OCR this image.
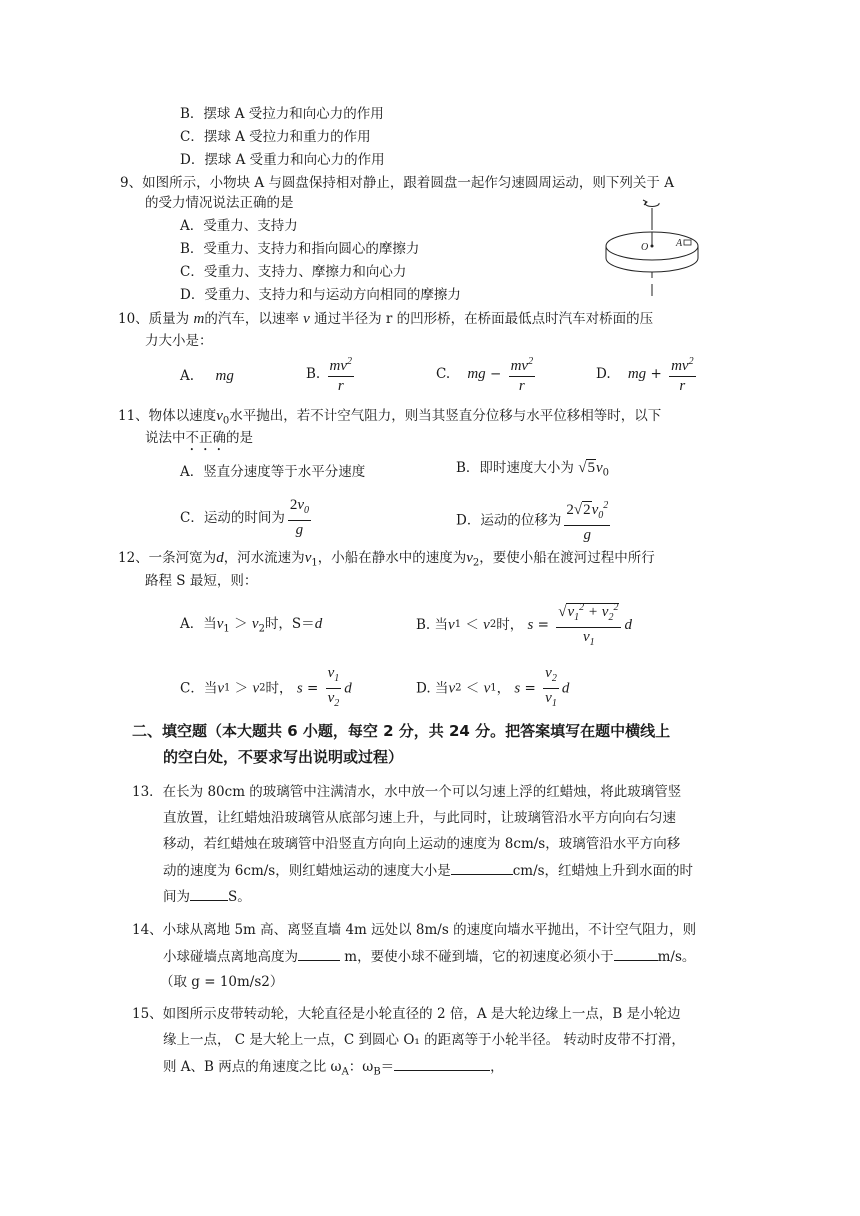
B．摆球 A 受拉力和向心力的作用
C．摆球 A 受拉力和重力的作用
D．摆球 A 受重力和向心力的作用
9、如图所示，小物块 A 与圆盘保持相对静止，跟着圆盘一起作匀速圆周运动，则下列关于 A
的受力情况说法正确的是
A．受重力、支持力
B．受重力、支持力和指向圆心的摩擦力
C．受重力、支持力、摩擦力和向心力
D．受重力、支持力和与运动方向相同的摩擦力
O	A
10、质量为 m的汽车，以速率 v 通过半径为 r 的凹形桥，在桥面最低点时汽车对桥面的压
力大小是：
A. mg	B. $\frac{mv^2}{r}$	C. mg − $\frac{mv^2}{r}$	D. mg + $\frac{mv^2}{r}$
11、物体以速度$v_0$水平抛出，若不计空气阻力，则当其竖直分位移与水平位移相等时，以下
说法中不正确的是
A．竖直分速度等于水平分速度	B．即时速度大小为 $√5v_0$
C．运动的时间为 $\frac{2v_0}{g}$	D．运动的位移为 $\frac{2√2v_0^2}{g}$
12、一条河宽为d，河水流速为$v_1$，小船在静水中的速度为$v_2$，要使小船在渡河过程中所行
路程 S 最短，则：
A．当$v_1 > v_2$时，S＝d	B. 当v1 ＜ v2时， $s = \frac{√v_1^2 + v_2^2}{v_1}$ d
C．当v1 ＞ v2时， $s = \frac{v_1}{v_2}$ d	D. 当v2 ＜ v1， $s = \frac{v_2}{v_1}$ d
二、填空题（本大题共 6 小题，每空 2 分，共 24 分。把答案填写在题中横线上
的空白处，不要求写出说明或过程）
13．在长为 80cm 的玻璃管中注满清水，水中放一个可以匀速上浮的红蜡烛，将此玻璃管竖
直放置，让红蜡烛沿玻璃管从底部匀速上升，与此同时，让玻璃管沿水平方向向右匀速
移动，若红蜡烛在玻璃管中沿竖直方向向上运动的速度为 8cm/s，玻璃管沿水平方向移
动的速度为 6cm/s，则红蜡烛运动的速度大小是	cm/s，红蜡烛上升到水面的时
间为	S。
14、小球从离地 5m 高、离竖直墙 4m 远处以 8m/s 的速度向墙水平抛出，不计空气阻力，则
小球碰墙点离地高度为	m，要使小球不碰到墙，它的初速度必须小于	m/s。
（取 g = 10m/s2）
15、如图所示皮带转动轮，大轮直径是小轮直径的 2 倍，A 是大轮边缘上一点，B 是小轮边
缘上一点， C 是大轮上一点，C 到圆心 O₁ 的距离等于小轮半径。 转动时皮带不打滑，
则 A、B 两点的角速度之比 $\omega_A$：$\omega_B=$	，
